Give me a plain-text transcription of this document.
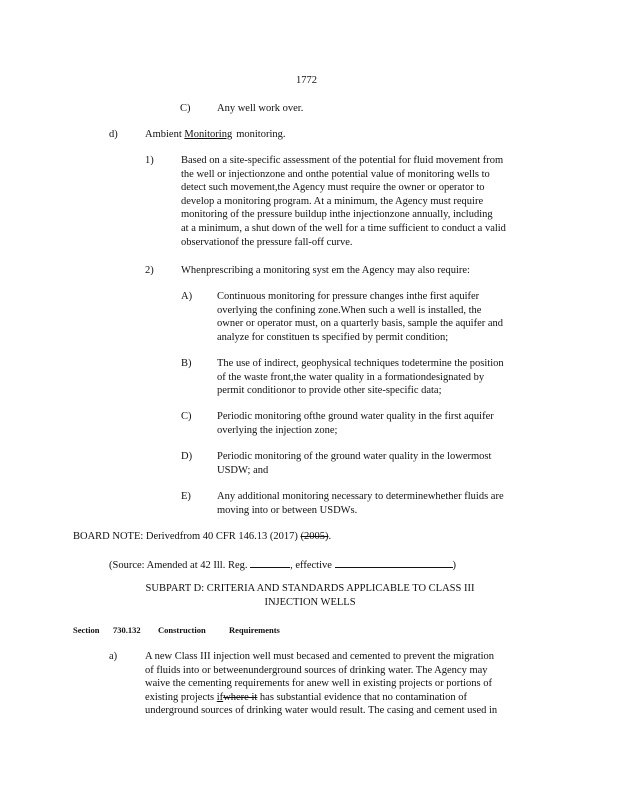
1772
C)	Any well work over.
d)	Ambient Monitoring monitoring.
1)	Based on a site-specific assessment of the potential for fluid movement from
the well or injectionzone and onthe potential value of monitoring wells to
detect such movement,the Agency must require the owner or operator to
develop a monitoring program. At a minimum, the Agency must require
monitoring of the pressure buildup inthe injectionzone annually, including
at a minimum, a shut down of the well for a time sufficient to conduct a valid
observationof the pressure fall-off curve.
2)	Whenprescribing a monitoring syst em the Agency may also require:
A) Continuous monitoring for pressure changes inthe first aquifer
overlying the confining zone.When such a well is installed, the
owner or operator must, on a quarterly basis, sample the aquifer and
analyze for constituen ts specified by permit condition;
B) The use of indirect, geophysical techniques todetermine the position
of the waste front,the water quality in a formationdesignated by
permit conditionor to provide other site-specific data;
C) Periodic monitoring ofthe ground water quality in the first aquifer
overlying the injection zone;
D) Periodic monitoring of the ground water quality in the lowermost
USDW; and
E) Any additional monitoring necessary to determinewhether fluids are
moving into or between USDWs.
BOARD NOTE: Derivedfrom 40 CFR 146.13 (2017) (2005).
(Source: Amended at 42 Ill. Reg.	, effective	)
SUBPART D: CRITERIA AND STANDARDS APPLICABLE TO CLASS III
INJECTION WELLS
Section 730.132 Construction	Requirements
a)	A new Class III injection well must becased and cemented to prevent the migration
of fluids into or betweenunderground sources of drinking water. The Agency may
waive the cementing requirements for anew well in existing projects or portions of
existing projects ifwhere it has substantial evidence that no contamination of
underground sources of drinking water would result. The casing and cement used in
